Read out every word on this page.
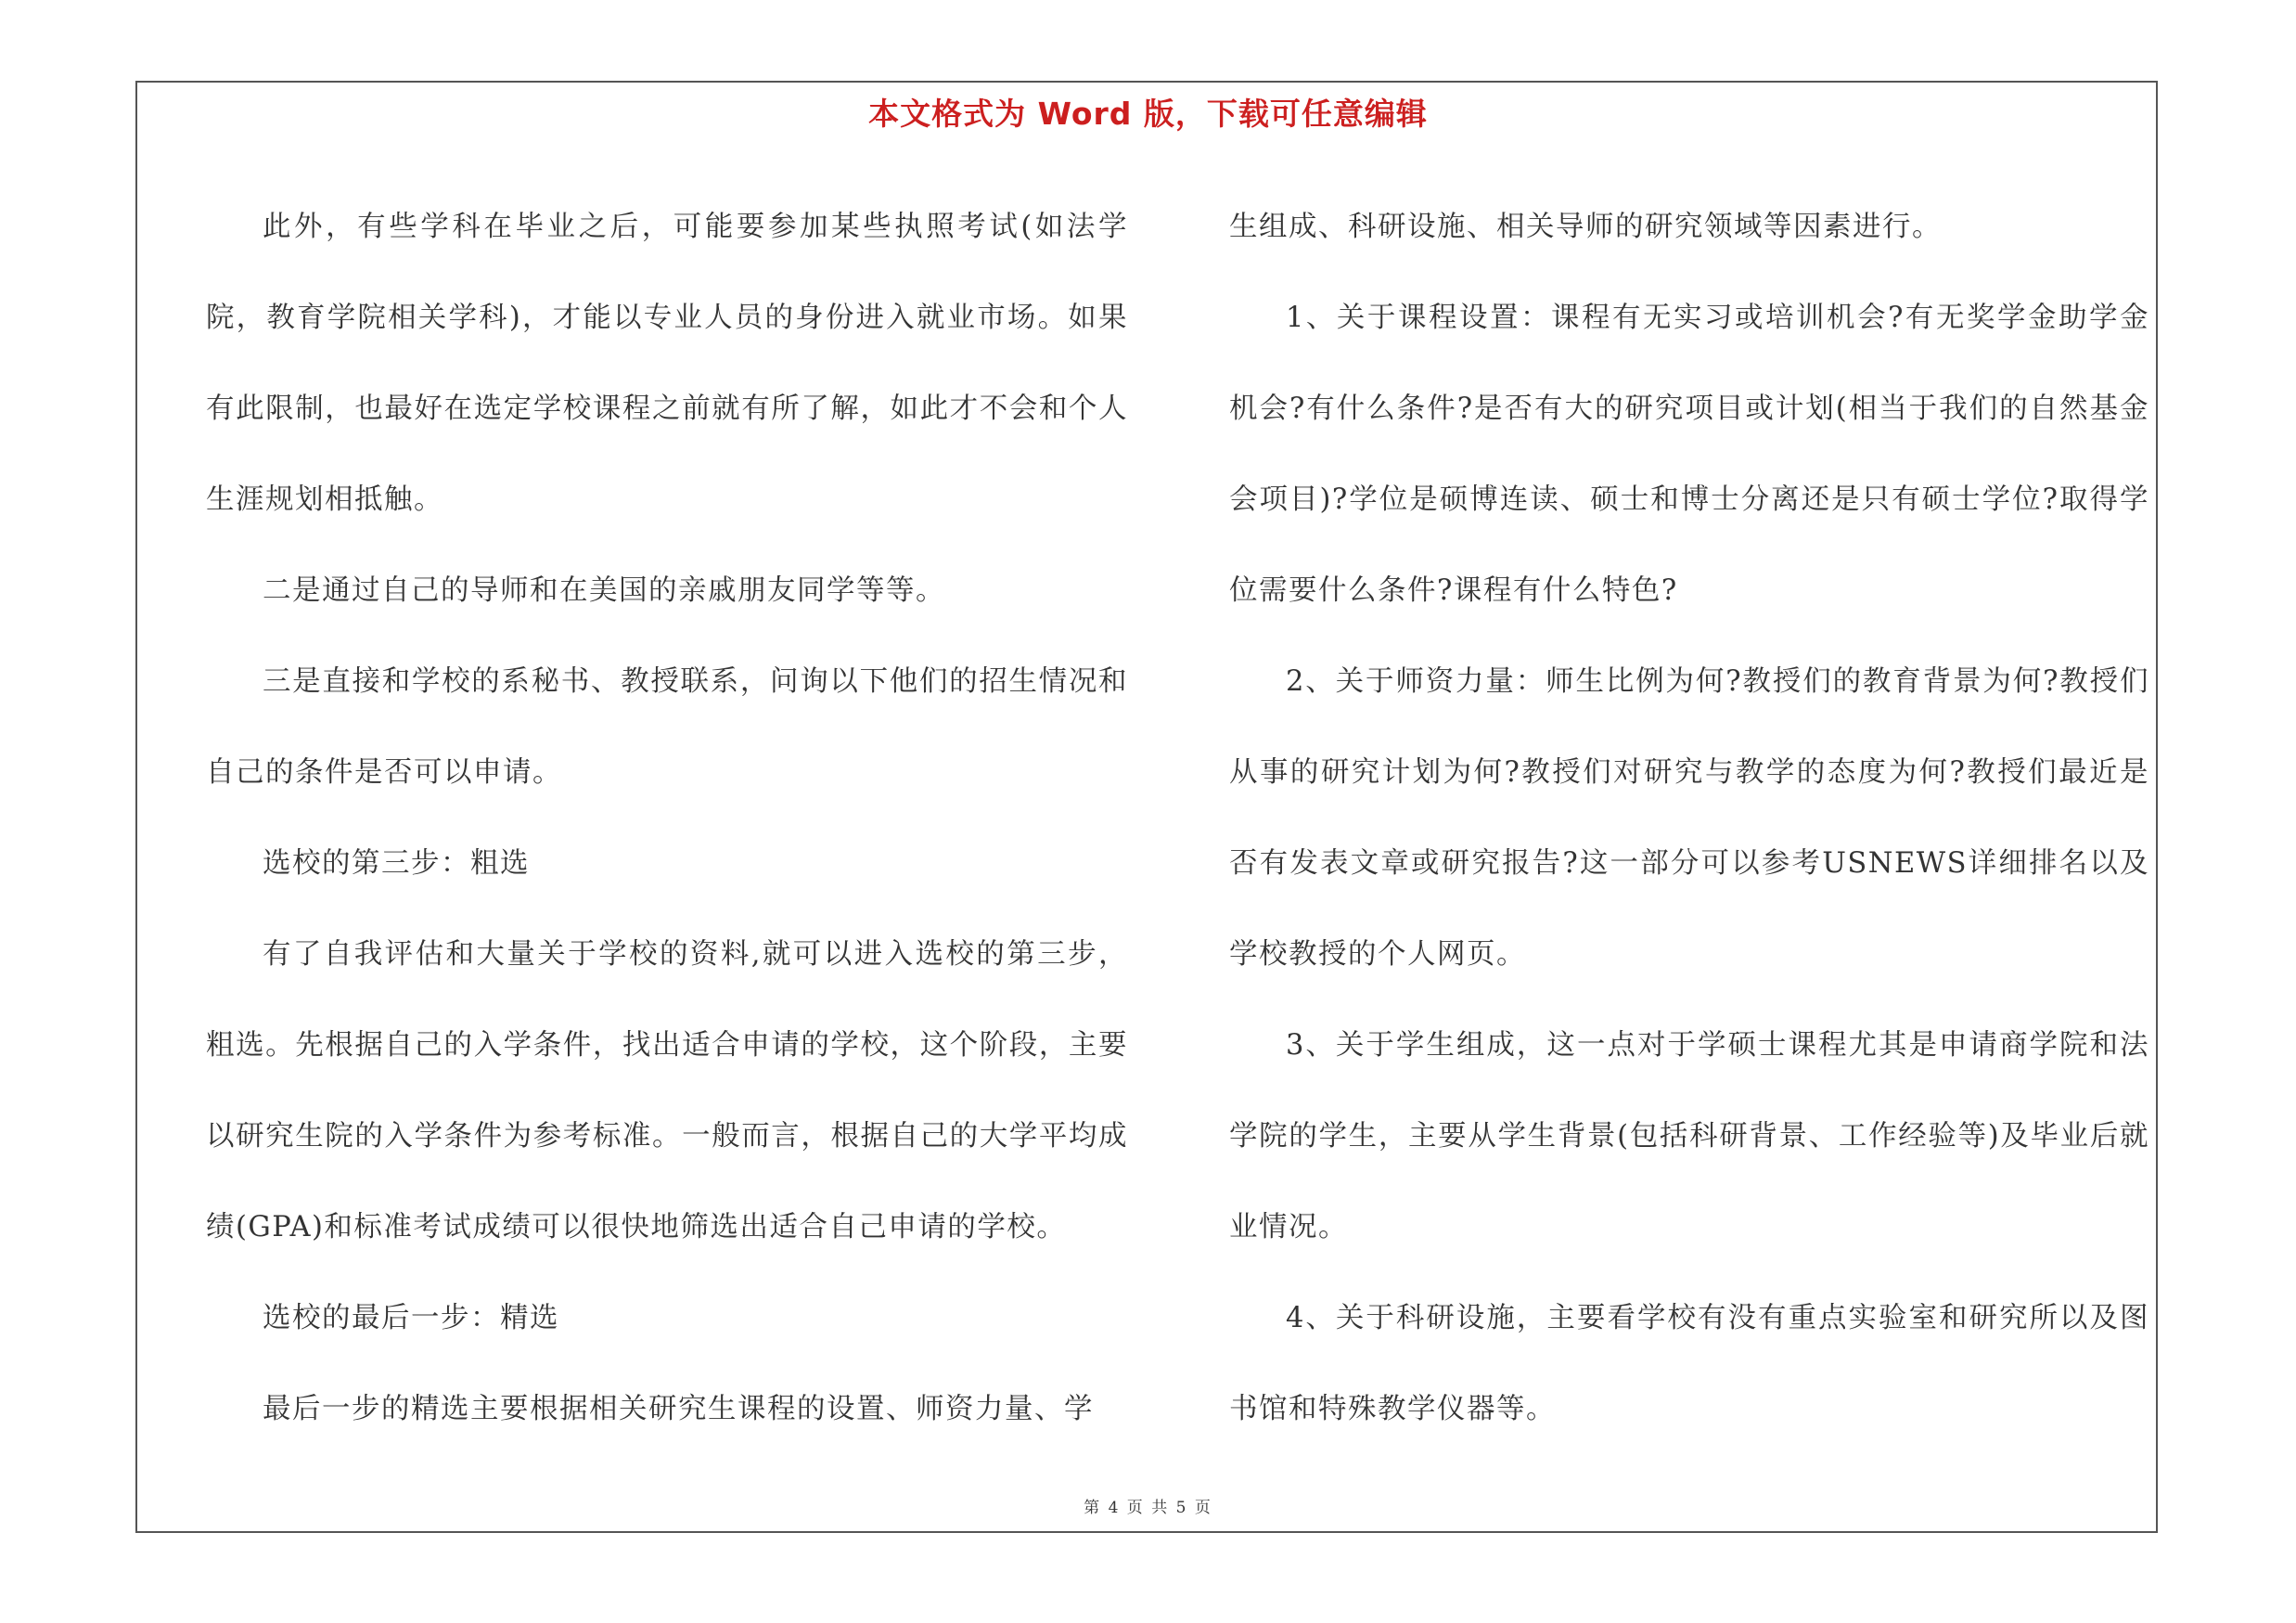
本文格式为 Word 版，下载可任意编辑

此外，有些学科在毕业之后，可能要参加某些执照考试(如法学院，教育学院相关学科)，才能以专业人员的身份进入就业市场。如果有此限制，也最好在选定学校课程之前就有所了解，如此才不会和个人生涯规划相抵触。

二是通过自己的导师和在美国的亲戚朋友同学等等。

三是直接和学校的系秘书、教授联系，问询以下他们的招生情况和自己的条件是否可以申请。

选校的第三步：粗选

有了自我评估和大量关于学校的资料,就可以进入选校的第三步，粗选。先根据自己的入学条件，找出适合申请的学校，这个阶段，主要以研究生院的入学条件为参考标准。一般而言，根据自己的大学平均成绩(GPA)和标准考试成绩可以很快地筛选出适合自己申请的学校。

选校的最后一步：精选

最后一步的精选主要根据相关研究生课程的设置、师资力量、学

生组成、科研设施、相关导师的研究领域等因素进行。

1、关于课程设置：课程有无实习或培训机会?有无奖学金助学金机会?有什么条件?是否有大的研究项目或计划(相当于我们的自然基金会项目)?学位是硕博连读、硕士和博士分离还是只有硕士学位?取得学位需要什么条件?课程有什么特色?

2、关于师资力量：师生比例为何?教授们的教育背景为何?教授们从事的研究计划为何?教授们对研究与教学的态度为何?教授们最近是否有发表文章或研究报告?这一部分可以参考USNEWS详细排名以及学校教授的个人网页。

3、关于学生组成，这一点对于学硕士课程尤其是申请商学院和法学院的学生，主要从学生背景(包括科研背景、工作经验等)及毕业后就业情况。

4、关于科研设施，主要看学校有没有重点实验室和研究所以及图书馆和特殊教学仪器等。

第 4 页 共 5 页
